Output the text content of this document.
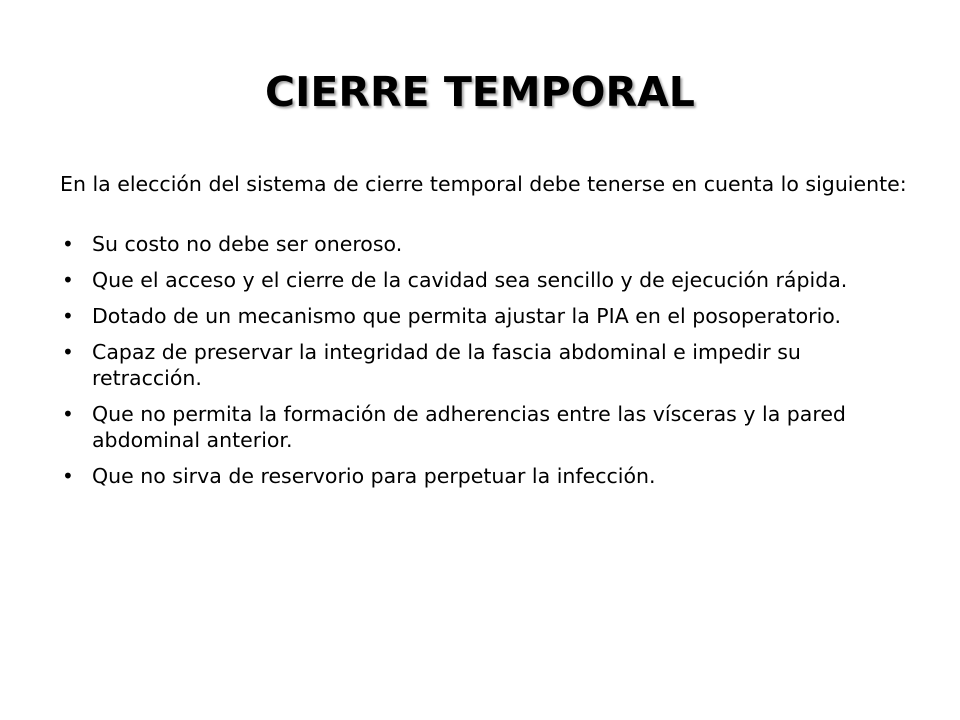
CIERRE TEMPORAL

En la elección del sistema de cierre temporal debe tenerse en cuenta lo siguiente:

• Su costo no debe ser oneroso.
• Que el acceso y el cierre de la cavidad sea sencillo y de ejecución rápida.
• Dotado de un mecanismo que permita ajustar la PIA en el posoperatorio.
• Capaz de preservar la integridad de la fascia abdominal e impedir su retracción.
• Que no permita la formación de adherencias entre las vísceras y la pared abdominal anterior.
• Que no sirva de reservorio para perpetuar la infección.
